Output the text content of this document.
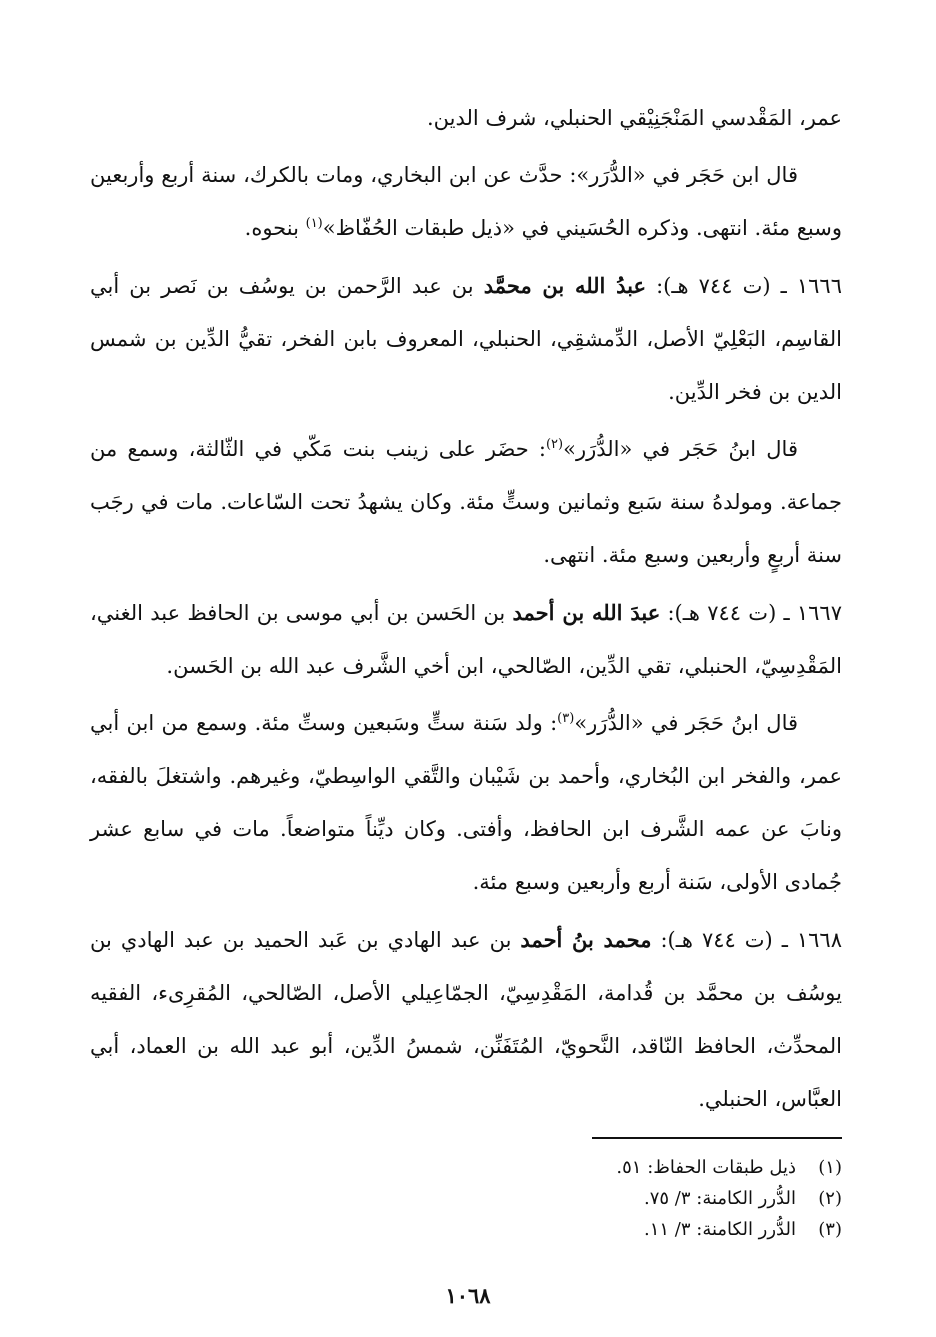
عمر، المَقْدسي المَنْجَنِيْقي الحنبلي، شرف الدين.

قال ابن حَجَر في «الدُّرَر»: حدَّث عن ابن البخاري، ومات بالكرك، سنة أربع وأربعين وسبع مئة. انتهى. وذكره الحُسَيني في «ذيل طبقات الحُفّاظ»$^{(١)}$ بنحوه.

١٦٦٦ ـ (ت ٧٤٤ هـ): عبدُ الله بن محمَّد بن عبد الرَّحمن بن يوسُف بن نَصر بن أبي القاسِم، البَعْلِيّ الأصل، الدِّمشقِي، الحنبلي، المعروف بابن الفخر، تقيُّ الدِّين بن شمس الدين بن فخر الدِّين.

قال ابنُ حَجَر في «الدُّرَر»$^{(٢)}$: حضَر على زينب بنت مَكّي في الثّالثة، وسمع من جماعة. ومولدهُ سنة سَبع وثمانين وستٍّ مئة. وكان يشهدُ تحت السّاعات. مات في رجَب سنة أربعٍ وأربعين وسبع مئة. انتهى.

١٦٦٧ ـ (ت ٧٤٤ هـ): عبدَ الله بن أحمد بن الحَسن بن أبي موسى بن الحافظ عبد الغني، المَقْدِسِيّ، الحنبلي، تقي الدِّين، الصّالحي، ابن أخي الشَّرف عبد الله بن الحَسن.

قال ابنُ حَجَر في «الدُّرَر»$^{(٣)}$: ولد سَنة ستٍّ وسَبعين وستِّ مئة. وسمع من ابن أبي عمر، والفخر ابن البُخاري، وأحمد بن شَيْبان والتَّقي الواسِطيّ، وغيرهم. واشتغلَ بالفقه، ونابَ عن عمه الشَّرف ابن الحافظ، وأفتى. وكان ديِّناً متواضعاً. مات في سابع عشر جُمادى الأولى، سَنة أربع وأربعين وسبع مئة.

١٦٦٨ ـ (ت ٧٤٤ هـ): محمد بنُ أحمد بن عبد الهادي بن عَبد الحميد بن عبد الهادي بن يوسُف بن محمَّد بن قُدامة، المَقْدِسِيّ، الجمّاعِيلي الأصل، الصّالحي، المُقرِىء، الفقيه المحدِّث، الحافظ النّاقد، النَّحويّ، المُتَفَنِّن، شمسُ الدِّين، أبو عبد الله بن العماد، أبي العبَّاس، الحنبلي.

(١)ذيل طبقات الحفاظ: ٥١.
(٢)الدُّرر الكامنة: ٣/ ٧٥.
(٣)الدُّرر الكامنة: ٣/ ١١.
١٠٦٨
